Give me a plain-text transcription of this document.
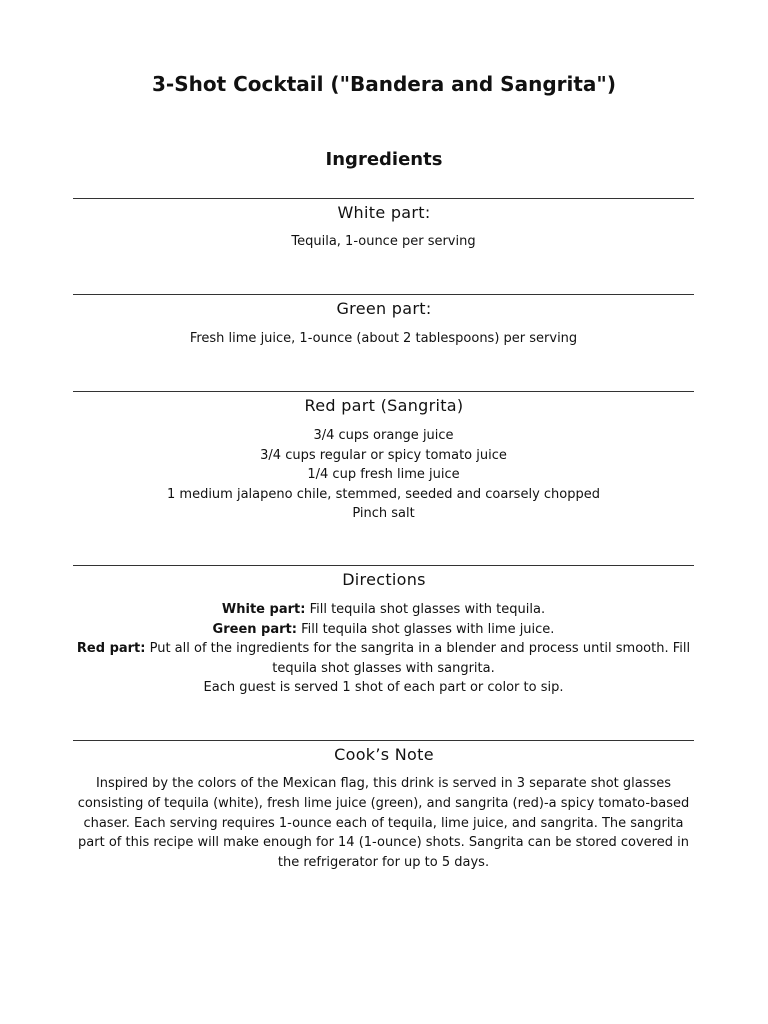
3-Shot Cocktail ("Bandera and Sangrita")
Ingredients
White part:
Tequila, 1-ounce per serving
Green part:
Fresh lime juice, 1-ounce (about 2 tablespoons) per serving
Red part (Sangrita)
3/4 cups orange juice
3/4 cups regular or spicy tomato juice
1/4 cup fresh lime juice
1 medium jalapeno chile, stemmed, seeded and coarsely chopped
Pinch salt
Directions
White part: Fill tequila shot glasses with tequila.
Green part: Fill tequila shot glasses with lime juice.
Red part: Put all of the ingredients for the sangrita in a blender and process until smooth. Fill tequila shot glasses with sangrita.
Each guest is served 1 shot of each part or color to sip.
Cook’s Note
Inspired by the colors of the Mexican flag, this drink is served in 3 separate shot glasses consisting of tequila (white), fresh lime juice (green), and sangrita (red)-a spicy tomato-based chaser. Each serving requires 1-ounce each of tequila, lime juice, and sangrita. The sangrita part of this recipe will make enough for 14 (1-ounce) shots. Sangrita can be stored covered in the refrigerator for up to 5 days.
